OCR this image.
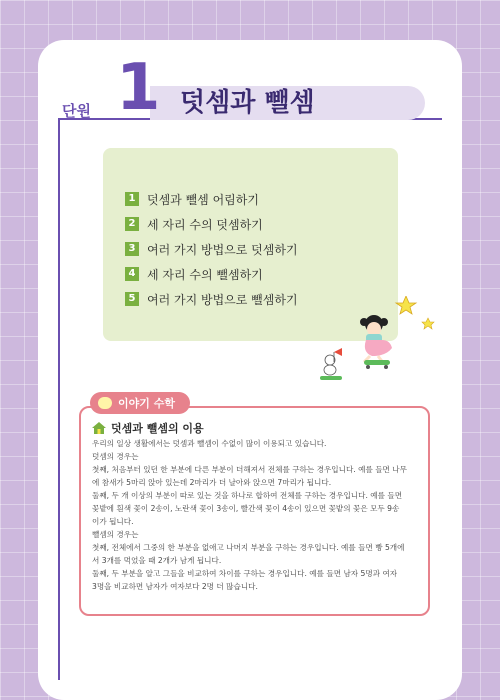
단원 1 덧셈과 뺄셈
1 덧셈과 뺄셈 어림하기
2 세 자리 수의 덧셈하기
3 여러 가지 방법으로 덧셈하기
4 세 자리 수의 뺄셈하기
5 여러 가지 방법으로 뺄셈하기
이야기 수학
덧셈과 뺄셈의 이용
우리의 일상 생활에서는 덧셈과 뺄셈이 수없이 많이 이용되고 있습니다.
덧셈의 경우는
첫째, 처음부터 있던 한 부분에 다른 부분이 더해져서 전체를 구하는 경우입니다. 예를 들면 나무
에 참새가 5마리 앉아 있는데 2마리가 더 날아와 앉으면 7마리가 됩니다.
둘째, 두 개 이상의 부분이 따로 있는 것을 하나로 합하여 전체를 구하는 경우입니다. 예를 들면
꽃밭에 흰색 꽃이 2송이, 노란색 꽃이 3송이, 빨간색 꽃이 4송이 있으면 꽃밭의 꽃은 모두 9송
이가 됩니다.
뺄셈의 경우는
첫째, 전체에서 그중의 한 부분을 없애고 나머지 부분을 구하는 경우입니다. 예를 들면 빵 5개에
서 3개를 먹었을 때 2개가 남게 됩니다.
둘째, 두 부분을 알고 그들을 비교하여 차이를 구하는 경우입니다. 예를 들면 남자 5명과 여자
3명을 비교하면 남자가 여자보다 2명 더 많습니다.
